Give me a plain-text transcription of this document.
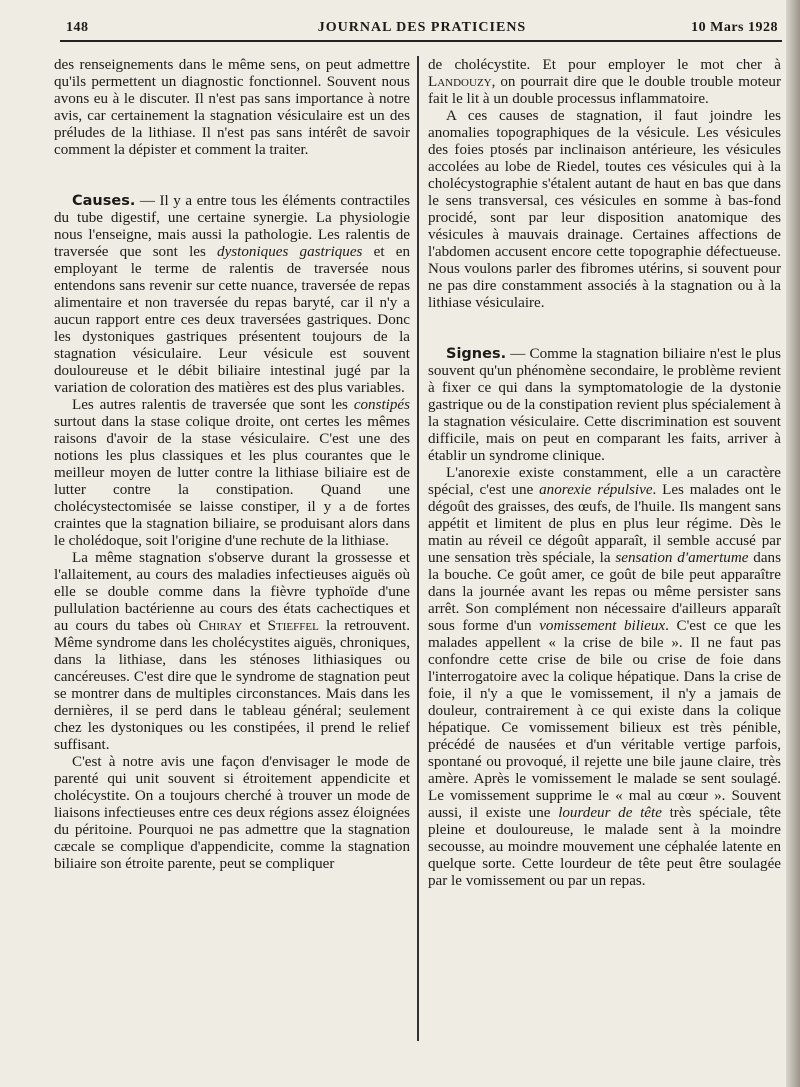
148	JOURNAL DES PRATICIENS	10 Mars 1928

des renseignements dans le même sens, on peut admettre qu'ils permettent un diagnostic fonctionnel. Souvent nous avons eu à le discuter. Il n'est pas sans importance à notre avis, car certainement la stagnation vésiculaire est un des préludes de la lithiase. Il n'est pas sans intérêt de savoir comment la dépister et comment la traiter.

Causes. — Il y a entre tous les éléments contractiles du tube digestif, une certaine synergie. La physiologie nous l'enseigne, mais aussi la pathologie. Les ralentis de traversée que sont les dystoniques gastriques et en employant le terme de ralentis de traversée nous entendons sans revenir sur cette nuance, traversée de repas alimentaire et non traversée du repas baryté, car il n'y a aucun rapport entre ces deux traversées gastriques. Donc les dystoniques gastriques présentent toujours de la stagnation vésiculaire. Leur vésicule est souvent douloureuse et le débit biliaire intestinal jugé par la variation de coloration des matières est des plus variables.

Les autres ralentis de traversée que sont les constipés surtout dans la stase colique droite, ont certes les mêmes raisons d'avoir de la stase vésiculaire. C'est une des notions les plus classiques et les plus courantes que le meilleur moyen de lutter contre la lithiase biliaire est de lutter contre la constipation. Quand une cholécystectomisée se laisse constiper, il y a de fortes craintes que la stagnation biliaire, se produisant alors dans le cholédoque, soit l'origine d'une rechute de la lithiase.

La même stagnation s'observe durant la grossesse et l'allaitement, au cours des maladies infectieuses aiguës où elle se double comme dans la fièvre typhoïde d'une pullulation bactérienne au cours des états cachectiques et au cours du tabes où Chiray et Stieffel la retrouvent. Même syndrome dans les cholécystites aiguës, chroniques, dans la lithiase, dans les sténoses lithiasiques ou cancéreuses. C'est dire que le syndrome de stagnation peut se montrer dans de multiples circonstances. Mais dans les dernières, il se perd dans le tableau général; seulement chez les dystoniques ou les constipées, il prend le relief suffisant.

C'est à notre avis une façon d'envisager le mode de parenté qui unit souvent si étroitement appendicite et cholécystite. On a toujours cherché à trouver un mode de liaisons infectieuses entre ces deux régions assez éloignées du péritoine. Pourquoi ne pas admettre que la stagnation cæcale se complique d'appendicite, comme la stagnation biliaire son étroite parente, peut se compliquer

de cholécystite. Et pour employer le mot cher à Landouzy, on pourrait dire que le double trouble moteur fait le lit à un double processus inflammatoire.

A ces causes de stagnation, il faut joindre les anomalies topographiques de la vésicule. Les vésicules des foies ptosés par inclinaison antérieure, les vésicules accolées au lobe de Riedel, toutes ces vésicules qui à la cholécystographie s'étalent autant de haut en bas que dans le sens transversal, ces vésicules en somme à bas-fond procidé, sont par leur disposition anatomique des vésicules à mauvais drainage. Certaines affections de l'abdomen accusent encore cette topographie défectueuse. Nous voulons parler des fibromes utérins, si souvent pour ne pas dire constamment associés à la stagnation ou à la lithiase vésiculaire.

Signes. — Comme la stagnation biliaire n'est le plus souvent qu'un phénomène secondaire, le problème revient à fixer ce qui dans la symptomatologie de la dystonie gastrique ou de la constipation revient plus spécialement à la stagnation vésiculaire. Cette discrimination est souvent difficile, mais on peut en comparant les faits, arriver à établir un syndrome clinique.

L'anorexie existe constamment, elle a un caractère spécial, c'est une anorexie répulsive. Les malades ont le dégoût des graisses, des œufs, de l'huile. Ils mangent sans appétit et limitent de plus en plus leur régime. Dès le matin au réveil ce dégoût apparaît, il semble accusé par une sensation très spéciale, la sensation d'amertume dans la bouche. Ce goût amer, ce goût de bile peut apparaître dans la journée avant les repas ou même persister sans arrêt. Son complément non nécessaire d'ailleurs apparaît sous forme d'un vomissement bilieux. C'est ce que les malades appellent « la crise de bile ». Il ne faut pas confondre cette crise de bile ou crise de foie dans l'interrogatoire avec la colique hépatique. Dans la crise de foie, il n'y a que le vomissement, il n'y a jamais de douleur, contrairement à ce qui existe dans la colique hépatique. Ce vomissement bilieux est très pénible, précédé de nausées et d'un véritable vertige parfois, spontané ou provoqué, il rejette une bile jaune claire, très amère. Après le vomissement le malade se sent soulagé. Le vomissement supprime le « mal au cœur ». Souvent aussi, il existe une lourdeur de tête très spéciale, tête pleine et douloureuse, le malade sent à la moindre secousse, au moindre mouvement une céphalée latente en quelque sorte. Cette lourdeur de tête peut être soulagée par le vomissement ou par un repas.
